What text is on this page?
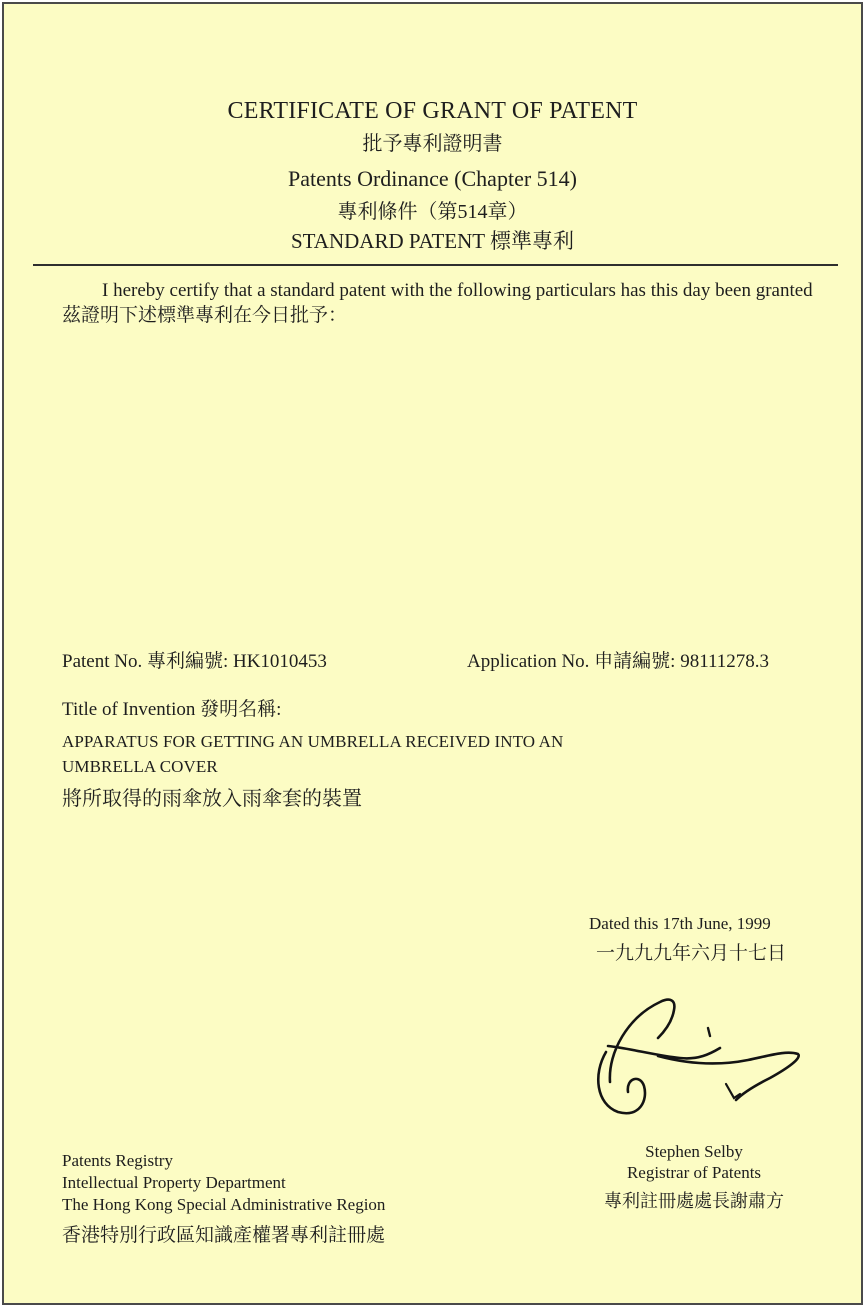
CERTIFICATE OF GRANT OF PATENT
批予專利證明書
Patents Ordinance (Chapter 514)
專利條件（第514章）
STANDARD PATENT 標準專利
I hereby certify that a standard patent with the following particulars has this day been granted 茲證明下述標準專利在今日批予：
Patent No. 專利編號: HK1010453	Application No. 申請編號: 98111278.3
Title of Invention 發明名稱:
APPARATUS FOR GETTING AN UMBRELLA RECEIVED INTO AN
UMBRELLA COVER
將所取得的雨傘放入雨傘套的裝置
Dated this 17th June, 1999
一九九九年六月十七日
Stephen Selby
Registrar of Patents
專利註冊處處長謝肅方
Patents Registry
Intellectual Property Department
The Hong Kong Special Administrative Region
香港特別行政區知識產權署專利註冊處
